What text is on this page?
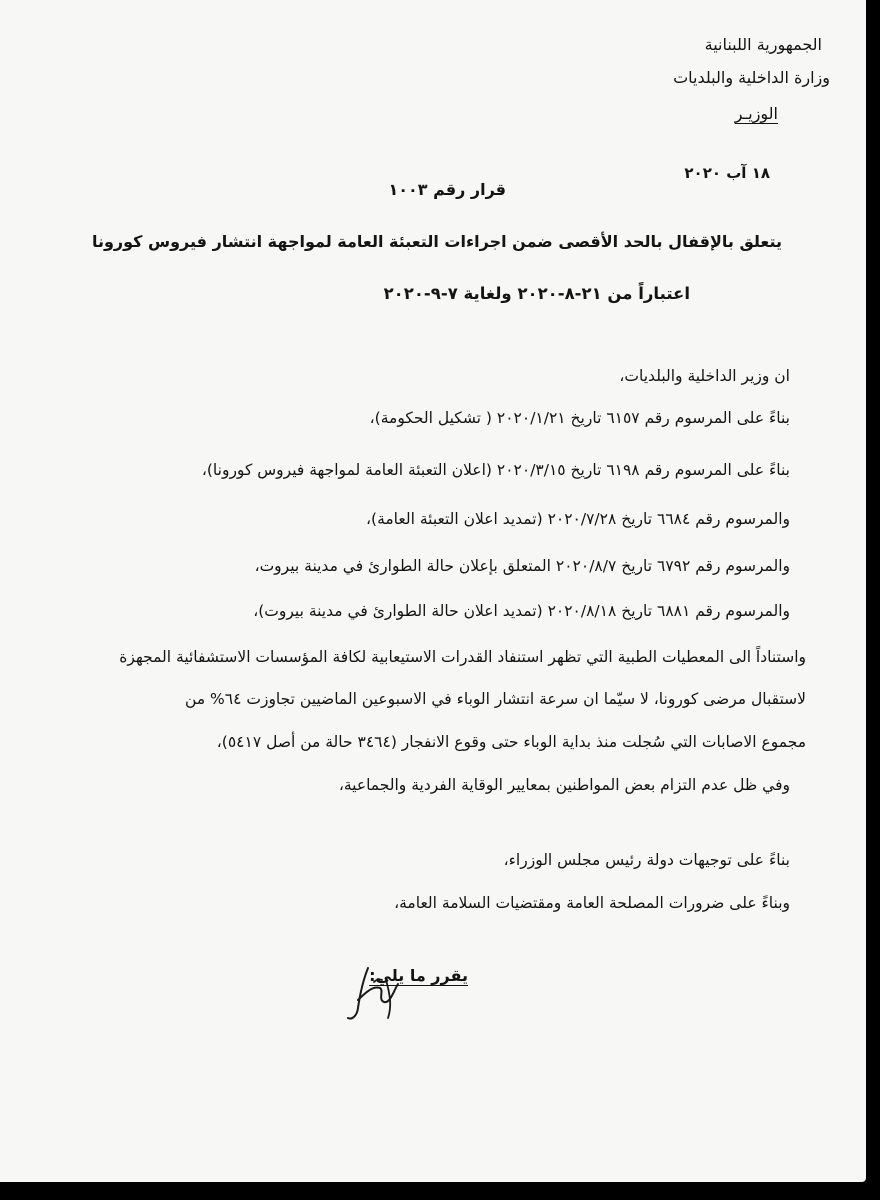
الجمهورية اللبنانية
وزارة الداخلية والبلديات
الوزيـر
١٨ آب ٢٠٢٠
قرار رقم ١٠٠٣
يتعلق بالإقفال بالحد الأقصى ضمن اجراءات التعبئة العامة لمواجهة انتشار فيروس كورونا
اعتباراً من ٢١-٨-٢٠٢٠ ولغاية ٧-٩-٢٠٢٠
ان وزير الداخلية والبلديات،
بناءً على المرسوم رقم ٦١٥٧ تاريخ ٢٠٢٠/١/٢١ ( تشكيل الحكومة)،
بناءً على المرسوم رقم ٦١٩٨ تاريخ ٢٠٢٠/٣/١٥ (اعلان التعبئة العامة لمواجهة فيروس كورونا)،
والمرسوم رقم ٦٦٨٤ تاريخ ٢٠٢٠/٧/٢٨ (تمديد اعلان التعبئة العامة)،
والمرسوم رقم ٦٧٩٢ تاريخ ٢٠٢٠/٨/٧ المتعلق بإعلان حالة الطوارئ في مدينة بيروت،
والمرسوم رقم ٦٨٨١ تاريخ ٢٠٢٠/٨/١٨ (تمديد اعلان حالة الطوارئ في مدينة بيروت)،
واستناداً الى المعطيات الطبية التي تظهر استنفاد القدرات الاستيعابية لكافة المؤسسات الاستشفائية المجهزة
لاستقبال مرضى كورونا، لا سيّما ان سرعة انتشار الوباء في الاسبوعين الماضيين تجاوزت ٦٤% من
مجموع الاصابات التي سُجلت منذ بداية الوباء حتى وقوع الانفجار (٣٤٦٤ حالة من أصل ٥٤١٧)،
وفي ظل عدم التزام بعض المواطنين بمعايير الوقاية الفردية والجماعية،
بناءً على توجيهات دولة رئيس مجلس الوزراء،
وبناءً على ضرورات المصلحة العامة ومقتضيات السلامة العامة،
يقرر ما يلي:
